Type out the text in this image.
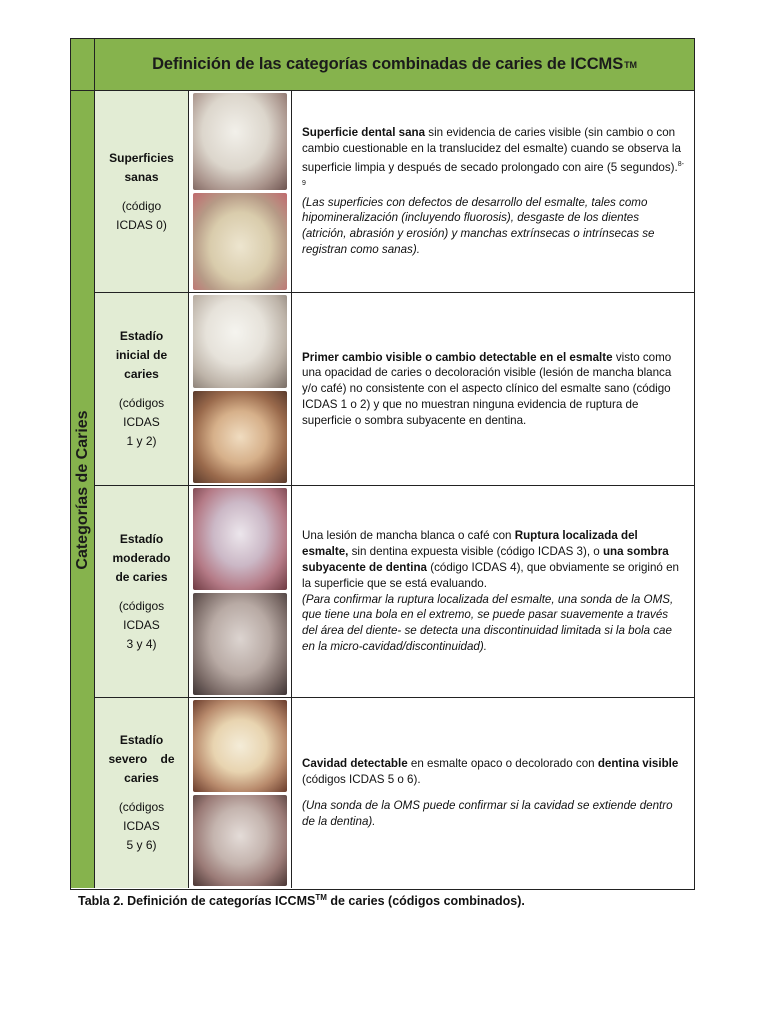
Definición de las categorías combinadas de caries de ICCMS TM
Categorías de Caries
Superficies
sanas
(código
ICDAS 0)

Superficie dental sana sin evidencia de caries visible (sin cambio o con cambio cuestionable en la translucidez del esmalte) cuando se observa la superficie limpia y después de secado prolongado con aire (5 segundos).$^{8-9}$

(Las superficies con defectos de desarrollo del esmalte, tales como hipomineralización (incluyendo fluorosis), desgaste de los dientes (atrición, abrasión y erosión) y manchas extrínsecas o intrínsecas se registran como sanas).

Estadío
inicial de
caries
(códigos
ICDAS
1 y 2)

Primer cambio visible o cambio detectable en el esmalte visto como una opacidad de caries o decoloración visible (lesión de mancha blanca y/o café) no consistente con el aspecto clínico del esmalte sano (código ICDAS 1 o 2) y que no muestran ninguna evidencia de ruptura de superficie o sombra subyacente en dentina.

Estadío
moderado
de caries
(códigos
ICDAS
3 y 4)

Una lesión de mancha blanca o café con Ruptura localizada del esmalte, sin dentina expuesta visible (código ICDAS 3), o una sombra subyacente de dentina (código ICDAS 4), que obviamente se originó en la superficie que se está evaluando.

(Para confirmar la ruptura localizada del esmalte, una sonda de la OMS, que tiene una bola en el extremo, se puede pasar suavemente a través del área del diente- se detecta una discontinuidad limitada si la bola cae en la micro-cavidad/discontinuidad).

Estadío
severo    de
caries
(códigos
ICDAS
5 y 6)

Cavidad detectable en esmalte opaco o decolorado con dentina visible (códigos ICDAS 5 o 6).

(Una sonda de la OMS puede confirmar si la cavidad se extiende dentro de la dentina).

Tabla 2. Definición de categorías ICCMS™ de caries (códigos combinados).
